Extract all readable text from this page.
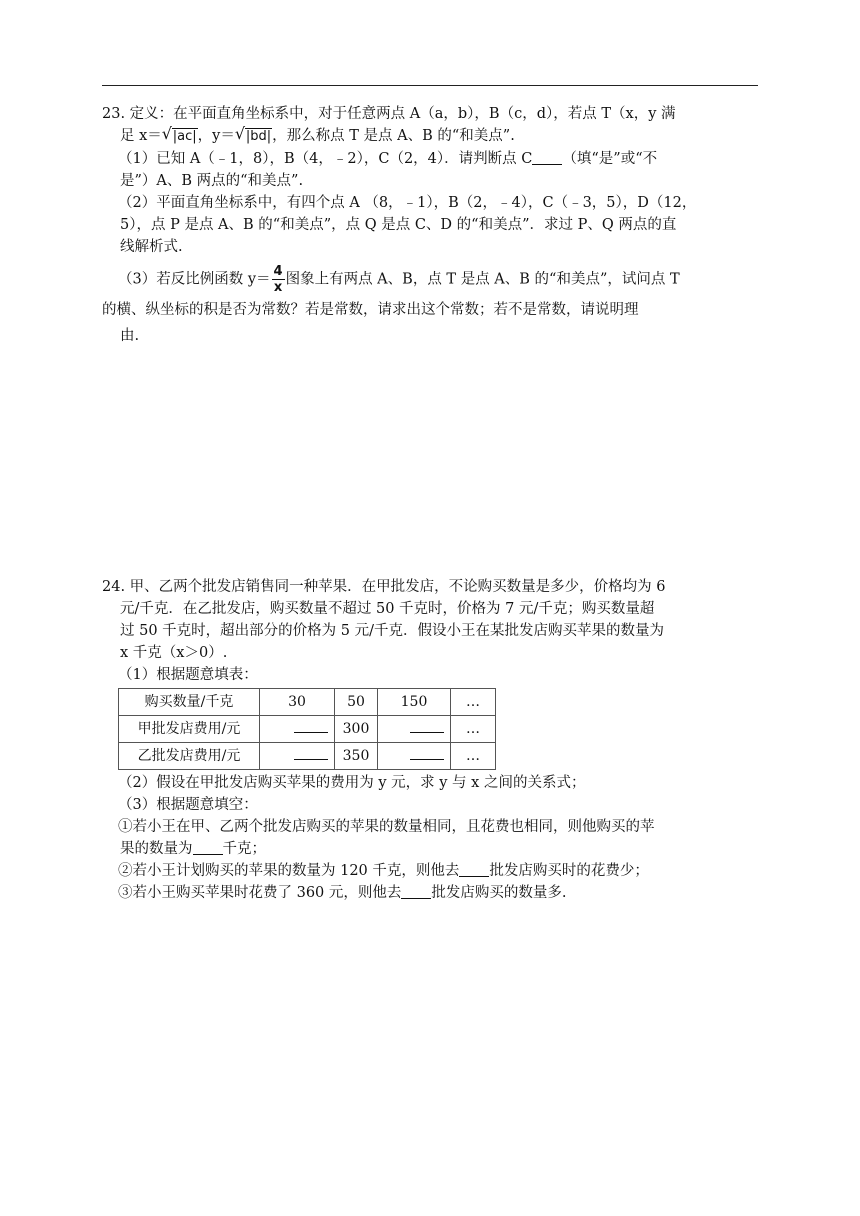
23. 定义：在平面直角坐标系中，对于任意两点 A（a，b），B（c，d），若点 T（x，y 满
足 x＝ √ |ac|，y＝ √ |bd|，那么称点 T 是点 A、B 的“和美点”.
（1）已知 A（﹣1，8），B（4，﹣2），C（2，4）．请判断点 C （填“是”或“不
是”）A、B 两点的“和美点”.
（2）平面直角坐标系中，有四个点 A （8，﹣1），B（2，﹣4），C（﹣3，5），D（12，
5），点 P 是点 A、B 的“和美点”，点 Q 是点 C、D 的“和美点”．求过 P、Q 两点的直
线解析式.
（3）若反比例函数 $y= \frac{4}{x}$ 图象上有两点 A、B，点 T 是点 A、B 的“和美点”，试问点 T
的横、纵坐标的积是否为常数？若是常数，请求出这个常数；若不是常数，请说明理
由.
24. 甲、乙两个批发店销售同一种苹果．在甲批发店，不论购买数量是多少，价格均为 6
元/千克．在乙批发店，购买数量不超过 50 千克时，价格为 7 元/千克；购买数量超
过 50 千克时，超出部分的价格为 5 元/千克．假设小王在某批发店购买苹果的数量为
x 千克（x＞0）.
（1）根据题意填表：
购买数量/千克	30	50	150	…
甲批发店费用/元		300		…
乙批发店费用/元		350		…
（2）假设在甲批发店购买苹果的费用为 y 元，求 y 与 x 之间的关系式；
（3）根据题意填空：
①若小王在甲、乙两个批发店购买的苹果的数量相同，且花费也相同，则他购买的苹
果的数量为 千克；
②若小王计划购买的苹果的数量为 120 千克，则他去 批发店购买时的花费少；
③若小王购买苹果时花费了 360 元，则他去 批发店购买的数量多.
